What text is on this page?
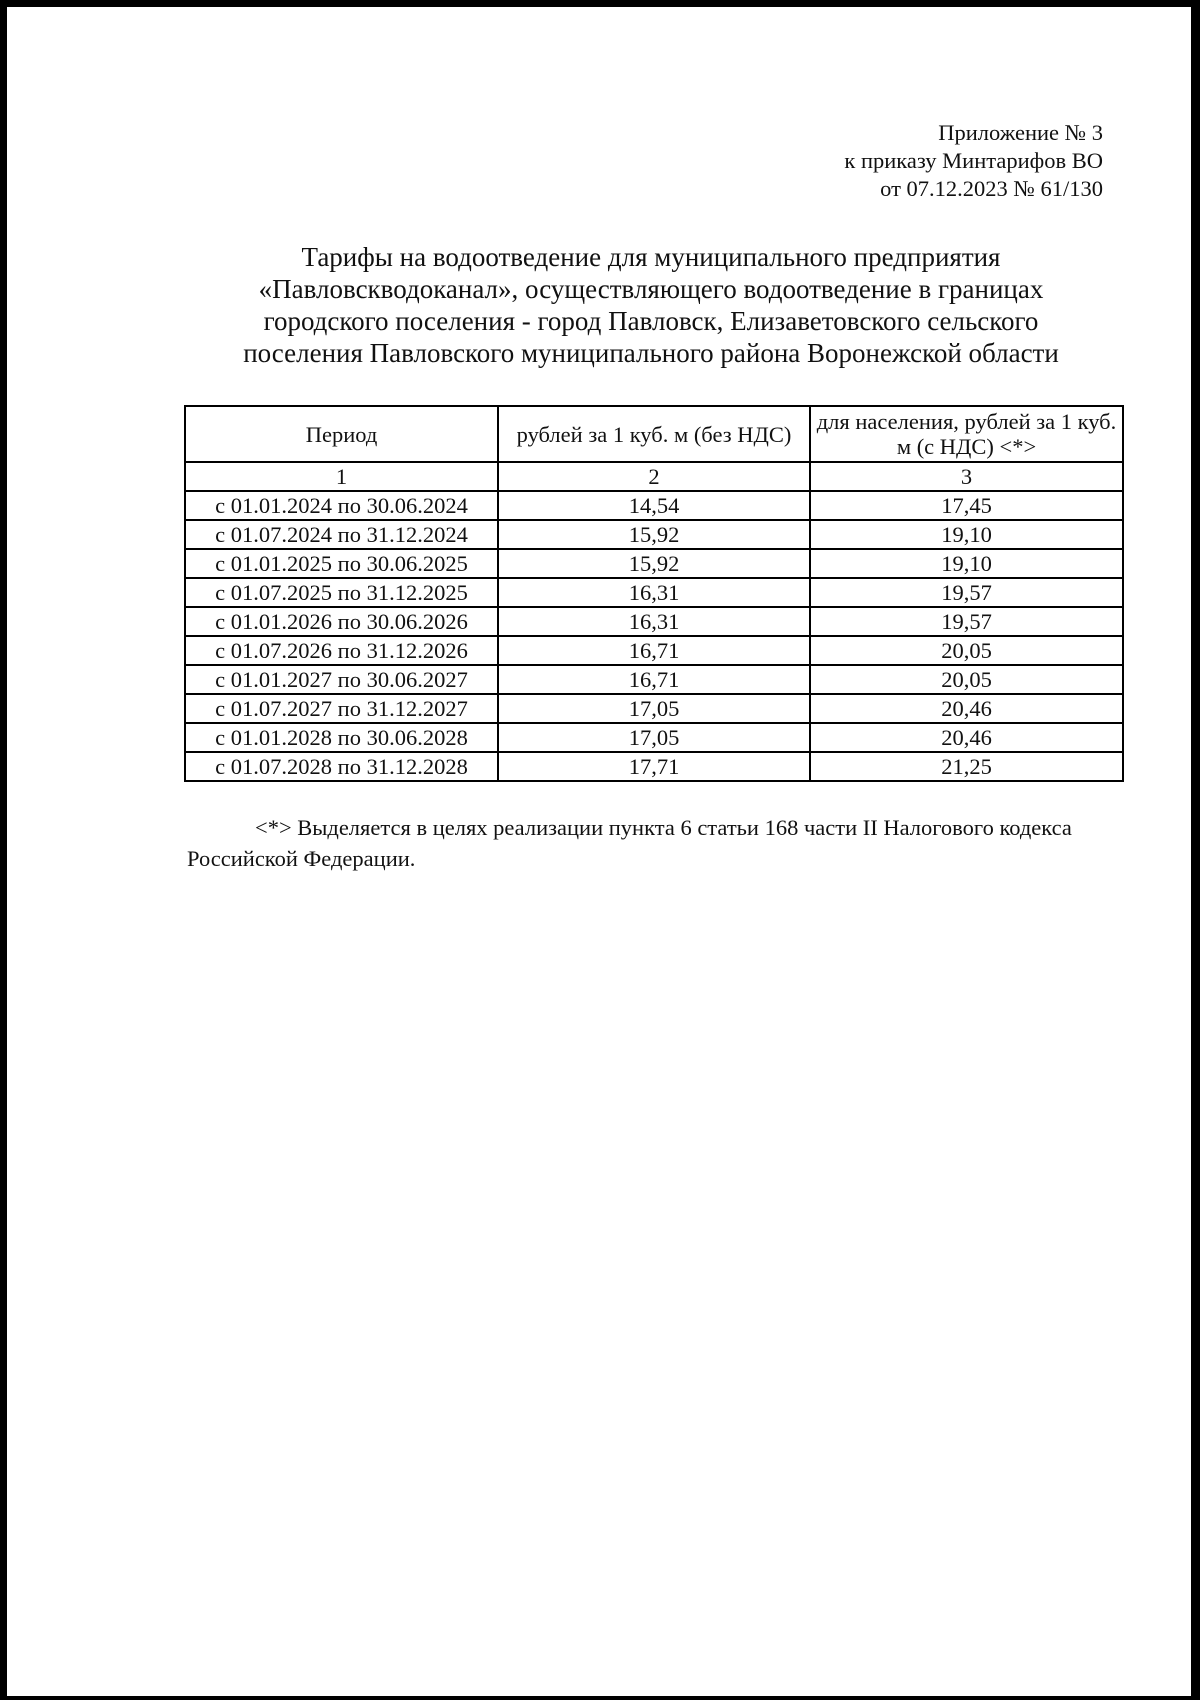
Приложение № 3
к приказу Минтарифов ВО
от 07.12.2023 № 61/130
Тарифы на водоотведение для муниципального предприятия
«Павловскводоканал», осуществляющего водоотведение в границах
городского поселения - город Павловск, Елизаветовского сельского
поселения Павловского муниципального района Воронежской области
Период	рублей за 1 куб. м (без НДС)	для населения, рублей за 1 куб. м (с НДС) <*>
1	2	3
с 01.01.2024 по 30.06.2024	14,54	17,45
с 01.07.2024 по 31.12.2024	15,92	19,10
с 01.01.2025 по 30.06.2025	15,92	19,10
с 01.07.2025 по 31.12.2025	16,31	19,57
с 01.01.2026 по 30.06.2026	16,31	19,57
с 01.07.2026 по 31.12.2026	16,71	20,05
с 01.01.2027 по 30.06.2027	16,71	20,05
с 01.07.2027 по 31.12.2027	17,05	20,46
с 01.01.2028 по 30.06.2028	17,05	20,46
с 01.07.2028 по 31.12.2028	17,71	21,25
<*> Выделяется в целях реализации пункта 6 статьи 168 части II Налогового кодекса Российской Федерации.
